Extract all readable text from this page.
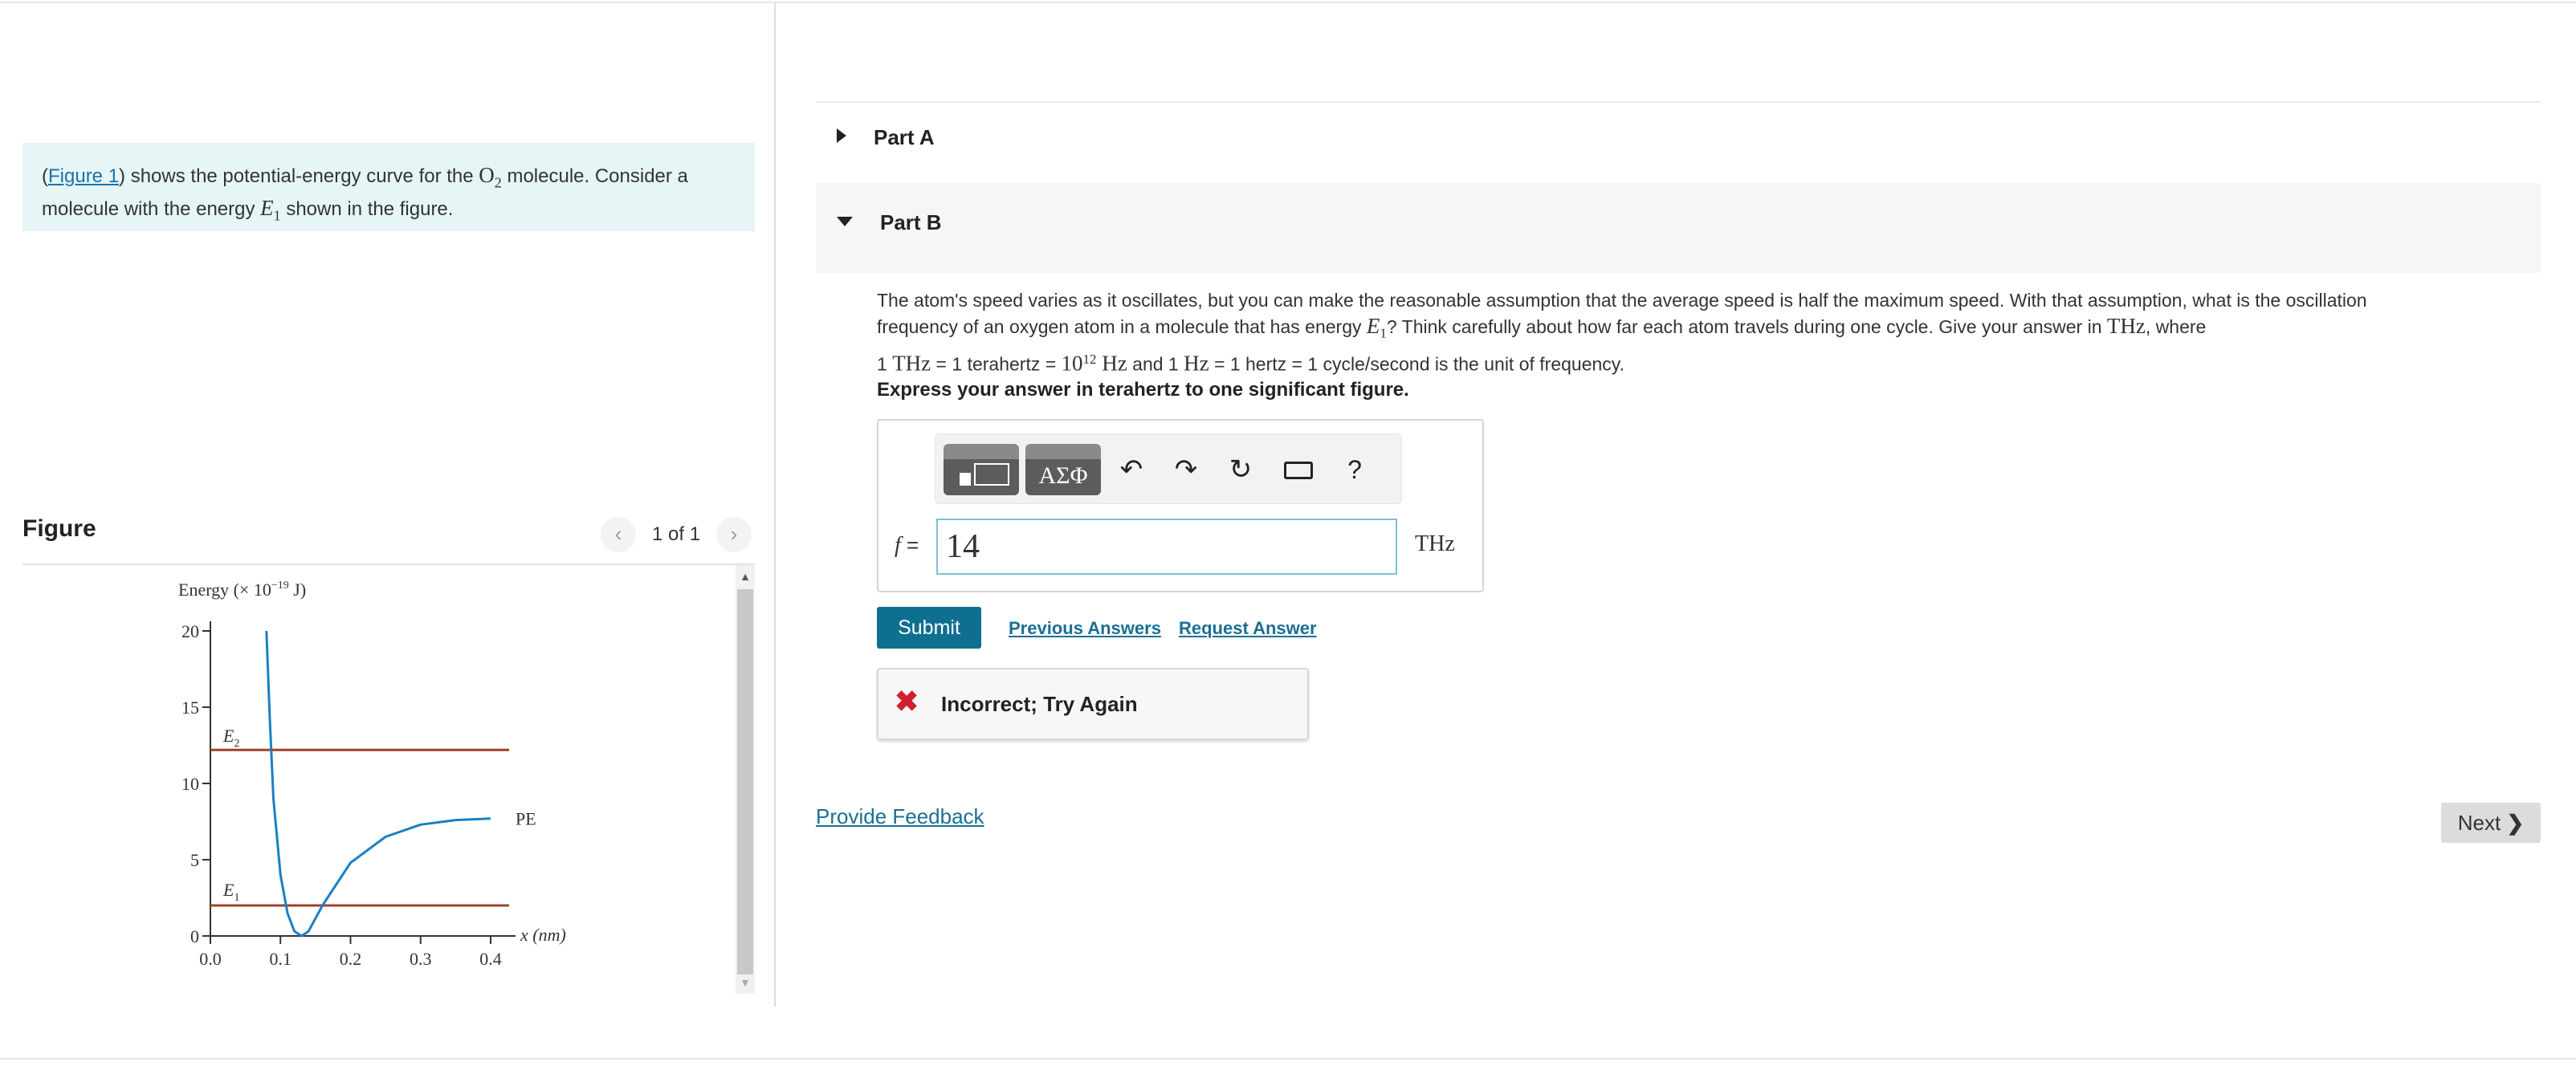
(Figure 1) shows the potential-energy curve for the $O_2$ molecule. Consider a molecule with the energy $E_1$ shown in the figure.
Figure	‹	1 of 1	›
Energy (× $10^{-19}$ J)
20
15
10
5
0
0.0	0.1	0.2	0.3	0.4
$E_2$
$E_1$
PE
x (nm)
▲
▼
Part A
Part B
The atom's speed varies as it oscillates, but you can make the reasonable assumption that the average speed is half the maximum speed. With that assumption, what is the oscillation
frequency of an oxygen atom in a molecule that has energy $E_1$? Think carefully about how far each atom travels during one cycle. Give your answer in THz, where
1 THz = 1 terahertz = $10^{12}$ Hz and 1 Hz = 1 hertz = 1 cycle/second is the unit of frequency.
Express your answer in terahertz to one significant figure.
ΑΣΦ	↶ ↷ ↻	?
f =
14	THz
Submit	Previous Answers Request Answer
✖ Incorrect; Try Again
Provide Feedback	Next ❯
